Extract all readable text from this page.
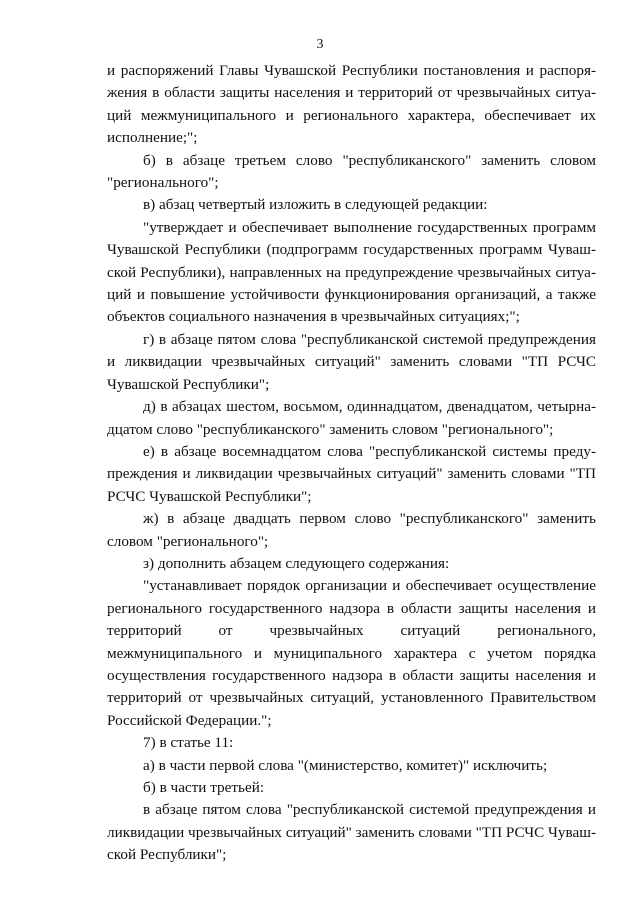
3

и распоряжений Главы Чувашской Республики постановления и распоряжения в области защиты населения и территорий от чрезвычайных ситуаций межмуниципального и регионального характера, обеспечивает их исполнение;";

б) в абзаце третьем слово "республиканского" заменить словом "регионального";

в) абзац четвертый изложить в следующей редакции:

"утверждает и обеспечивает выполнение государственных программ Чувашской Республики (подпрограмм государственных программ Чувашской Республики), направленных на предупреждение чрезвычайных ситуаций и повышение устойчивости функционирования организаций, а также объектов социального назначения в чрезвычайных ситуациях;";

г) в абзаце пятом слова "республиканской системой предупреждения и ликвидации чрезвычайных ситуаций" заменить словами "ТП РСЧС Чувашской Республики";

д) в абзацах шестом, восьмом, одиннадцатом, двенадцатом, четырнадцатом слово "республиканского" заменить словом "регионального";

е) в абзаце восемнадцатом слова "республиканской системы предупреждения и ликвидации чрезвычайных ситуаций" заменить словами "ТП РСЧС Чувашской Республики";

ж) в абзаце двадцать первом слово "республиканского" заменить словом "регионального";

з) дополнить абзацем следующего содержания:

"устанавливает порядок организации и обеспечивает осуществление регионального государственного надзора в области защиты населения и территорий от чрезвычайных ситуаций регионального, межмуниципального и муниципального характера с учетом порядка осуществления государственного надзора в области защиты населения и территорий от чрезвычайных ситуаций, установленного Правительством Российской Федерации.";

7) в статье 11:

а) в части первой слова "(министерство, комитет)" исключить;

б) в части третьей:

в абзаце пятом слова "республиканской системой предупреждения и ликвидации чрезвычайных ситуаций" заменить словами "ТП РСЧС Чувашской Республики";
